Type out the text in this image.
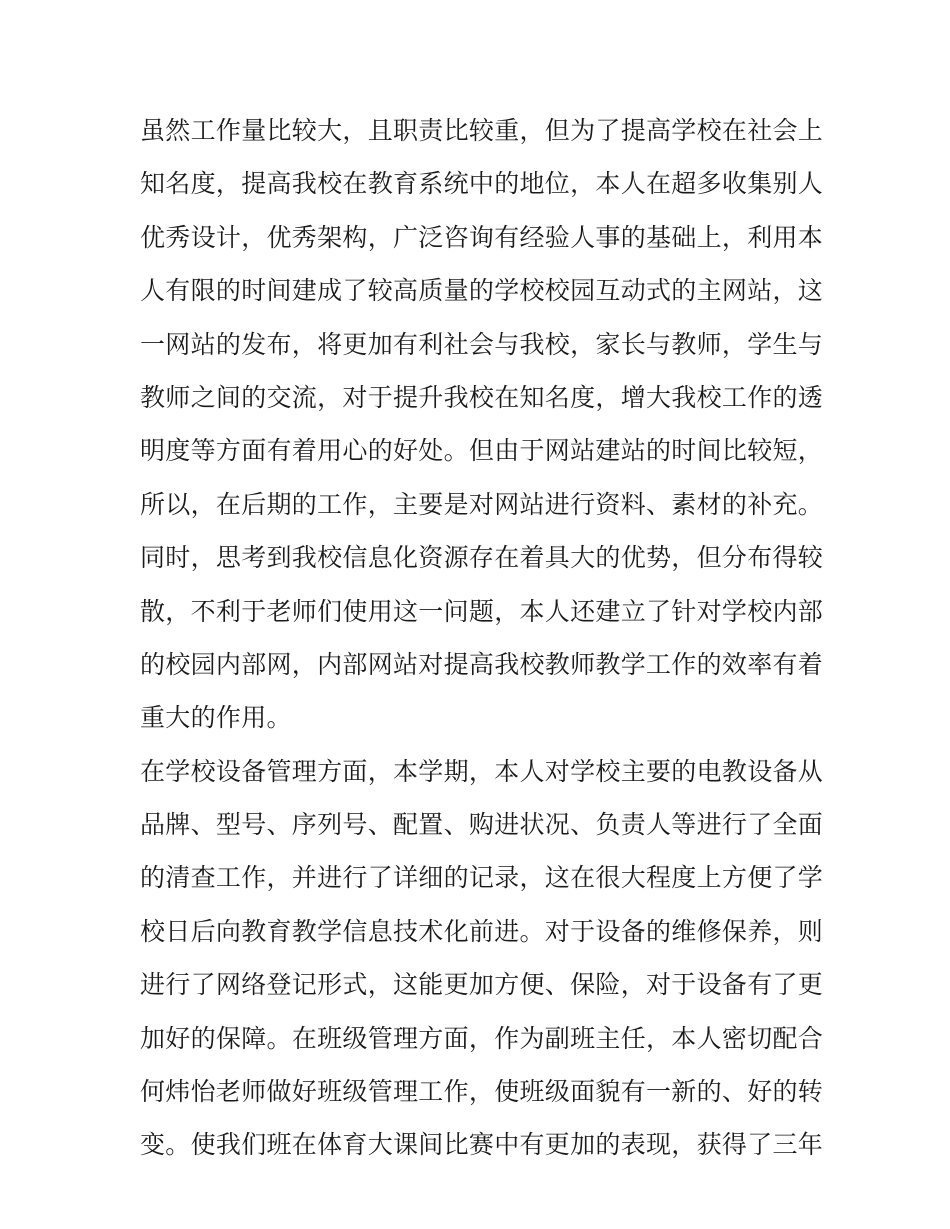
虽然工作量比较大，且职责比较重，但为了提高学校在社会上
知名度，提高我校在教育系统中的地位，本人在超多收集别人
优秀设计，优秀架构，广泛咨询有经验人事的基础上，利用本
人有限的时间建成了较高质量的学校校园互动式的主网站，这
一网站的发布，将更加有利社会与我校，家长与教师，学生与
教师之间的交流，对于提升我校在知名度，增大我校工作的透
明度等方面有着用心的好处。但由于网站建站的时间比较短，
所以，在后期的工作，主要是对网站进行资料、素材的补充。
同时，思考到我校信息化资源存在着具大的优势，但分布得较
散，不利于老师们使用这一问题，本人还建立了针对学校内部
的校园内部网，内部网站对提高我校教师教学工作的效率有着
重大的作用。
在学校设备管理方面，本学期，本人对学校主要的电教设备从
品牌、型号、序列号、配置、购进状况、负责人等进行了全面
的清查工作，并进行了详细的记录，这在很大程度上方便了学
校日后向教育教学信息技术化前进。对于设备的维修保养，则
进行了网络登记形式，这能更加方便、保险，对于设备有了更
加好的保障。在班级管理方面，作为副班主任，本人密切配合
何炜怡老师做好班级管理工作，使班级面貌有一新的、好的转
变。使我们班在体育大课间比赛中有更加的表现，获得了三年
